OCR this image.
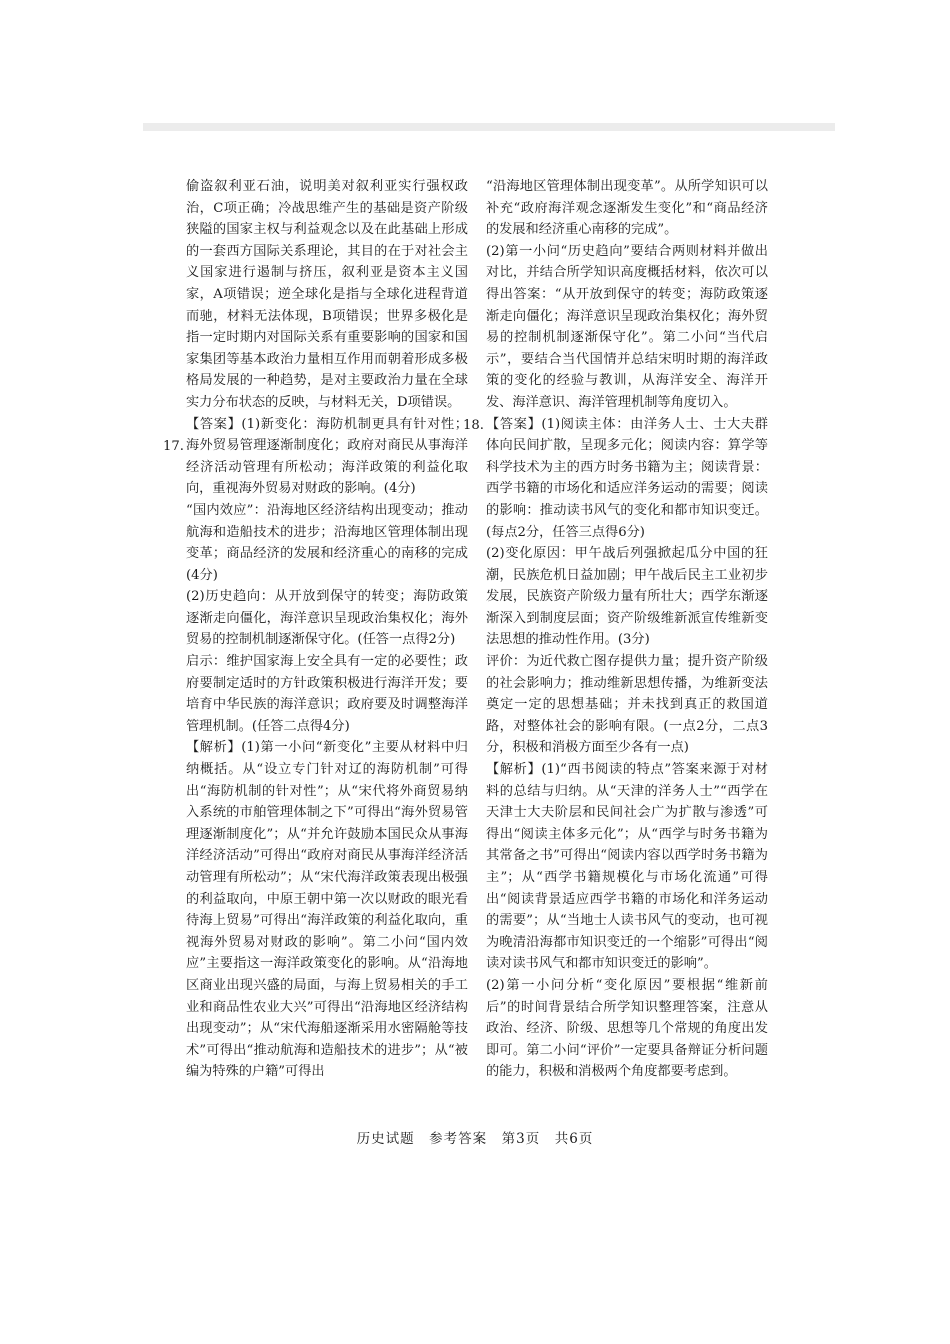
17.
18.

偷盗叙利亚石油，说明美对叙利亚实行强权政治，C项正确；冷战思维产生的基础是资产阶级狭隘的国家主权与利益观念以及在此基础上形成的一套西方国际关系理论，其目的在于对社会主义国家进行遏制与挤压，叙利亚是资本主义国家，A项错误；逆全球化是指与全球化进程背道而驰，材料无法体现，B项错误；世界多极化是指一定时期内对国际关系有重要影响的国家和国家集团等基本政治力量相互作用而朝着形成多极格局发展的一种趋势，是对主要政治力量在全球实力分布状态的反映，与材料无关，D项错误。

【答案】(1)新变化：海防机制更具有针对性；海外贸易管理逐渐制度化；政府对商民从事海洋经济活动管理有所松动；海洋政策的利益化取向，重视海外贸易对财政的影响。(4分)

“国内效应”：沿海地区经济结构出现变动；推动航海和造船技术的进步；沿海地区管理体制出现变革；商品经济的发展和经济重心的南移的完成(4分)

(2)历史趋向：从开放到保守的转变；海防政策逐渐走向僵化，海洋意识呈现政治集权化；海外贸易的控制机制逐渐保守化。(任答一点得2分)

启示：维护国家海上安全具有一定的必要性；政府要制定适时的方针政策积极进行海洋开发；要培育中华民族的海洋意识；政府要及时调整海洋管理机制。(任答二点得4分)

【解析】(1)第一小问“新变化”主要从材料中归纳概括。从“设立专门针对辽的海防机制”可得出“海防机制的针对性”；从“宋代将外商贸易纳入系统的市舶管理体制之下”可得出“海外贸易管理逐渐制度化”；从“并允许鼓励本国民众从事海洋经济活动”可得出“政府对商民从事海洋经济活动管理有所松动”；从“宋代海洋政策表现出极强的利益取向，中原王朝中第一次以财政的眼光看待海上贸易”可得出“海洋政策的利益化取向，重视海外贸易对财政的影响”。第二小问“国内效应”主要指这一海洋政策变化的影响。从“沿海地区商业出现兴盛的局面，与海上贸易相关的手工业和商品性农业大兴”可得出“沿海地区经济结构出现变动”；从“宋代海船逐渐采用水密隔舱等技术”可得出“推动航海和造船技术的进步”；从“被编为特殊的户籍”可得出

“沿海地区管理体制出现变革”。从所学知识可以补充“政府海洋观念逐渐发生变化”和“商品经济的发展和经济重心南移的完成”。

(2)第一小问“历史趋向”要结合两则材料并做出对比，并结合所学知识高度概括材料，依次可以得出答案：“从开放到保守的转变；海防政策逐渐走向僵化；海洋意识呈现政治集权化；海外贸易的控制机制逐渐保守化”。第二小问“当代启示”，要结合当代国情并总结宋明时期的海洋政策的变化的经验与教训，从海洋安全、海洋开发、海洋意识、海洋管理机制等角度切入。

【答案】(1)阅读主体：由洋务人士、士大夫群体向民间扩散，呈现多元化；阅读内容：算学等科学技术为主的西方时务书籍为主；阅读背景：西学书籍的市场化和适应洋务运动的需要；阅读的影响：推动读书风气的变化和都市知识变迁。(每点2分，任答三点得6分)

(2)变化原因：甲午战后列强掀起瓜分中国的狂潮，民族危机日益加剧；甲午战后民主工业初步发展，民族资产阶级力量有所壮大；西学东渐逐渐深入到制度层面；资产阶级维新派宣传维新变法思想的推动性作用。(3分)

评价：为近代救亡图存提供力量；提升资产阶级的社会影响力；推动维新思想传播，为维新变法奠定一定的思想基础；并未找到真正的救国道路，对整体社会的影响有限。(一点2分，二点3分，积极和消极方面至少各有一点)

【解析】(1)“西书阅读的特点”答案来源于对材料的总结与归纳。从“天津的洋务人士”“西学在天津士大夫阶层和民间社会广为扩散与渗透”可得出“阅读主体多元化”；从“西学与时务书籍为其常备之书”可得出“阅读内容以西学时务书籍为主”；从“西学书籍规模化与市场化流通”可得出“阅读背景适应西学书籍的市场化和洋务运动的需要”；从“当地士人读书风气的变动，也可视为晚清沿海都市知识变迁的一个缩影”可得出“阅读对读书风气和都市知识变迁的影响”。

(2)第一小问分析“变化原因”要根据“维新前后”的时间背景结合所学知识整理答案，注意从政治、经济、阶级、思想等几个常规的角度出发即可。第二小问“评价”一定要具备辩证分析问题的能力，积极和消极两个角度都要考虑到。

历史试题　参考答案　第3页　共6页
